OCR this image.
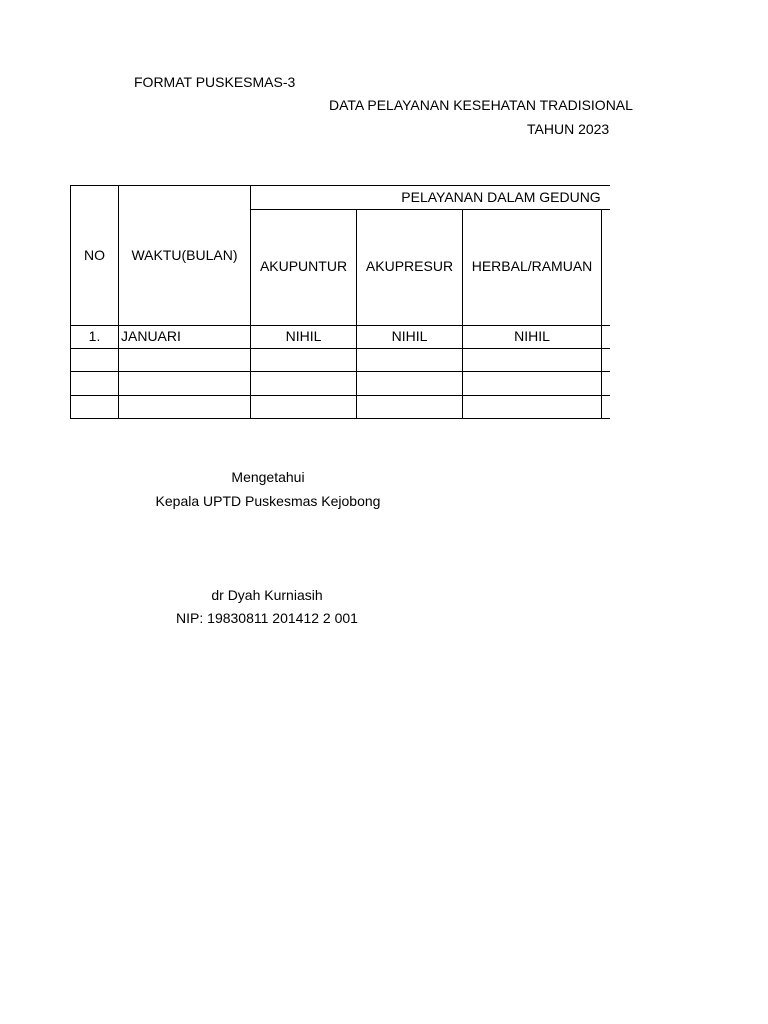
FORMAT PUSKESMAS-3
DATA PELAYANAN KESEHATAN TRADISIONAL
TAHUN 2023
NO	WAKTU(BULAN)
PELAYANAN DALAM GEDUNG
AKUPUNTUR	AKUPRESUR	HERBAL/RAMUAN
1.	JANUARI	NIHIL	NIHIL	NIHIL
Mengetahui
Kepala UPTD Puskesmas Kejobong
dr Dyah Kurniasih
NIP: 19830811 201412 2 001
